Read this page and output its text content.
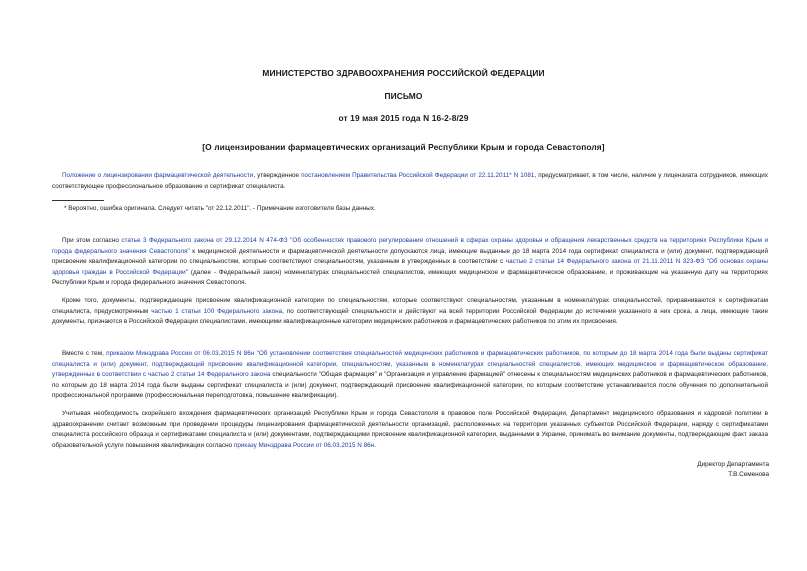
МИНИСТЕРСТВО ЗДРАВООХРАНЕНИЯ РОССИЙСКОЙ ФЕДЕРАЦИИ
ПИСЬМО
от 19 мая 2015 года N 16-2-8/29
[О лицензировании фармацевтических организаций Республики Крым и города Севастополя]

Положение о лицензировании фармацевтической деятельности, утвержденное постановлением Правительства Российской Федерации от 22.11.2011* N 1081, предусматривает, в том числе, наличие у лицензиата сотрудников, имеющих соответствующее профессиональное образование и сертификат специалиста.

* Вероятно, ошибка оригинала. Следует читать "от 22.12.2011". - Примечание изготовителя базы данных.

При этом согласно статье 3 Федерального закона от 29.12.2014 N 474-ФЗ "Об особенностях правового регулирования отношений в сферах охраны здоровья и обращения лекарственных средств на территориях Республики Крым и города федерального значения Севастополя" к медицинской деятельности и фармацевтической деятельности допускаются лица, имеющие выданные до 18 марта 2014 года сертификат специалиста и (или) документ, подтверждающий присвоение квалификационной категории по специальностям, которые соответствуют специальностям, указанным в утвержденных в соответствии с частью 2 статьи 14 Федерального закона от 21.11.2011 N 323-ФЗ "Об основах охраны здоровья граждан в Российской Федерации" (далее - Федеральный закон) номенклатурах специальностей специалистов, имеющих медицинское и фармацевтическое образование, и проживающие на указанную дату на территориях Республики Крым и города федерального значения Севастополя.

Кроме того, документы, подтверждающие присвоение квалификационной категории по специальностям, которые соответствуют специальностям, указанным в номенклатурах специальностей, приравниваются к сертификатам специалиста, предусмотренным частью 1 статьи 100 Федерального закона, по соответствующей специальности и действуют на всей территории Российской Федерации до истечения указанного в них срока, а лица, имеющие такие документы, признаются в Российской Федерации специалистами, имеющими квалификационные категории медицинских работников и фармацевтических работников по этим их присвоения.

Вместе с тем, приказом Минздрава России от 06.03.2015 N 86н "Об установлении соответствия специальностей медицинских работников и фармацевтических работников, по которым до 18 марта 2014 года были выданы сертификат специалиста и (или) документ, подтверждающий присвоение квалификационной категории, специальностям, указанным в номенклатурах специальностей специалистов, имеющих медицинское и фармацевтическое образование, утвержденных в соответствии с частью 2 статьи 14 Федерального закона специальности "Общая фармация" и "Организация и управление фармацией" отнесены к специальностям медицинских работников и фармацевтических работников, по которым до 18 марта 2014 года были выданы сертификат специалиста и (или) документ, подтверждающий присвоение квалификационной категории, по которым соответствие устанавливается после обучения по дополнительной профессиональной программе (профессиональная переподготовка, повышение квалификации).

Учитывая необходимость скорейшего вхождения фармацевтических организаций Республики Крым и города Севастополя в правовое поле Российской Федерации, Департамент медицинского образования и кадровой политики в здравоохранении считает возможным при проведении процедуры лицензирования фармацевтической деятельности организаций, расположенных на территории указанных субъектов Российской Федерации, наряду с сертификатами специалиста российского образца и сертификатами специалиста и (или) документами, подтверждающими присвоение квалификационной категории, выданными в Украине, принимать во внимание документы, подтверждающие факт заказа образовательной услуги повышения квалификации согласно приказу Минздрава России от 06.03.2015 N 86н.

Директор Департамента
Т.В.Семенова
